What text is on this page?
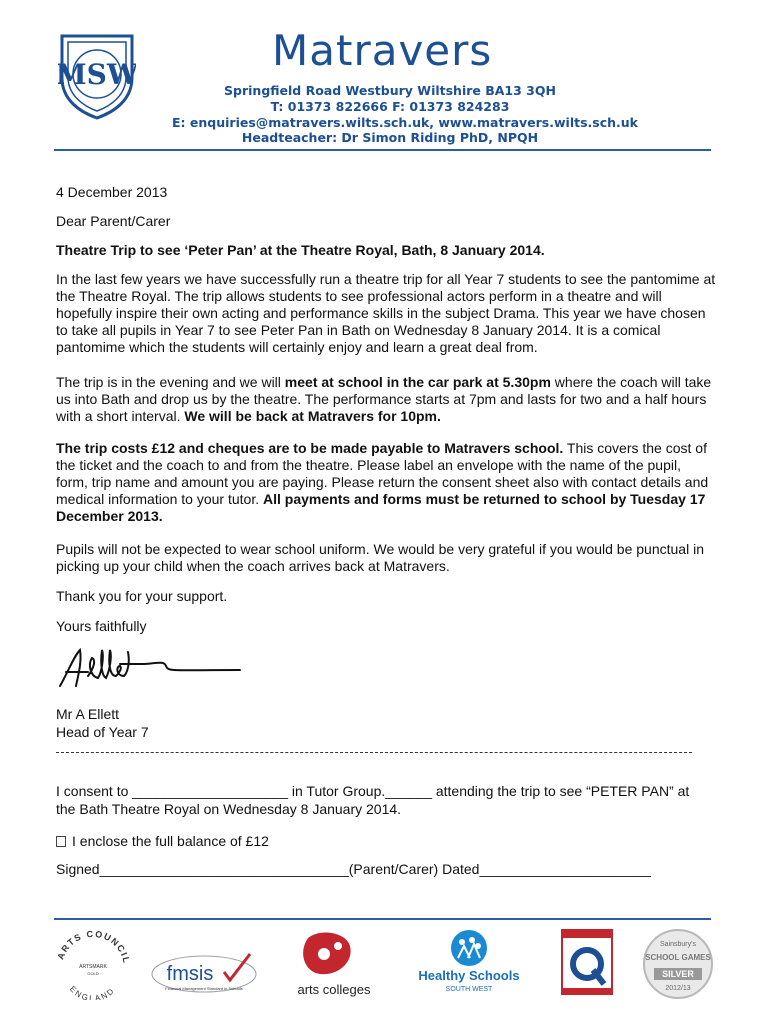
MSW	Matravers
Springfield Road Westbury Wiltshire BA13 3QH
T: 01373 822666 F: 01373 824283
E: enquiries@matravers.wilts.sch.uk, www.matravers.wilts.sch.uk
Headteacher: Dr Simon Riding PhD, NPQH
4 December 2013
Dear Parent/Carer
Theatre Trip to see ‘Peter Pan’ at the Theatre Royal, Bath, 8 January 2014.
In the last few years we have successfully run a theatre trip for all Year 7 students to see the pantomime at the Theatre Royal. The trip allows students to see professional actors perform in a theatre and will hopefully inspire their own acting and performance skills in the subject Drama. This year we have chosen to take all pupils in Year 7 to see Peter Pan in Bath on Wednesday 8 January 2014. It is a comical pantomime which the students will certainly enjoy and learn a great deal from.
The trip is in the evening and we will meet at school in the car park at 5.30pm where the coach will take us into Bath and drop us by the theatre. The performance starts at 7pm and lasts for two and a half hours with a short interval. We will be back at Matravers for 10pm.
The trip costs £12 and cheques are to be made payable to Matravers school. This covers the cost of the ticket and the coach to and from the theatre. Please label an envelope with the name of the pupil, form, trip name and amount you are paying. Please return the consent sheet also with contact details and medical information to your tutor. All payments and forms must be returned to school by Tuesday 17 December 2013.
Pupils will not be expected to wear school uniform. We would be very grateful if you would be punctual in picking up your child when the coach arrives back at Matravers.
Thank you for your support.
Yours faithfully
Mr A Ellett
Head of Year 7
I consent to ____________________ in Tutor Group.______ attending the trip to see “PETER PAN” at
the Bath Theatre Royal on Wednesday 8 January 2014.
I enclose the full balance of £12
Signed________________________________(Parent/Carer) Dated______________________
ARTS COUNCIL
ENGLAND
ARTSMARK
GOLD	fmsis
Financial Management Standard in Schools	arts colleges
Healthy Schools
SOUTH WEST
Sainsbury's
SCHOOL GAMES
SILVER
2012/13
